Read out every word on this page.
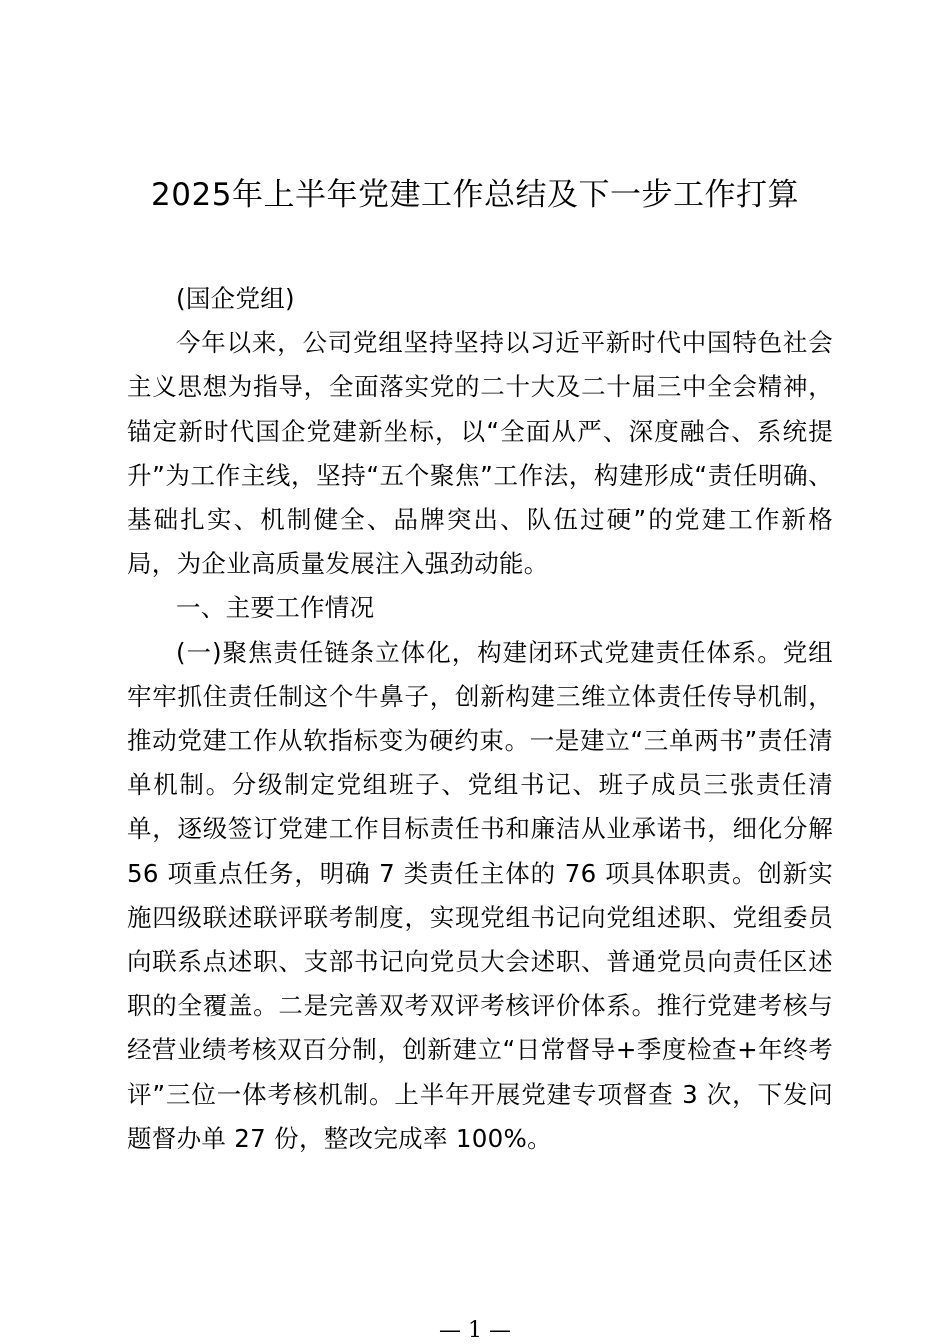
2025年上半年党建工作总结及下一步工作打算

(国企党组)

今年以来，公司党组坚持坚持以习近平新时代中国特色社会主义思想为指导，全面落实党的二十大及二十届三中全会精神，锚定新时代国企党建新坐标，以“全面从严、深度融合、系统提升”为工作主线，坚持“五个聚焦”工作法，构建形成“责任明确、基础扎实、机制健全、品牌突出、队伍过硬”的党建工作新格局，为企业高质量发展注入强劲动能。

一、主要工作情况

(一)聚焦责任链条立体化，构建闭环式党建责任体系。党组牢牢抓住责任制这个牛鼻子，创新构建三维立体责任传导机制，推动党建工作从软指标变为硬约束。一是建立“三单两书”责任清单机制。分级制定党组班子、党组书记、班子成员三张责任清单，逐级签订党建工作目标责任书和廉洁从业承诺书，细化分解 56 项重点任务，明确 7 类责任主体的 76 项具体职责。创新实施四级联述联评联考制度，实现党组书记向党组述职、党组委员向联系点述职、支部书记向党员大会述职、普通党员向责任区述职的全覆盖。二是完善双考双评考核评价体系。推行党建考核与经营业绩考核双百分制，创新建立“日常督导+季度检查+年终考评”三位一体考核机制。上半年开展党建专项督查 3 次，下发问题督办单 27 份，整改完成率 100%。

— 1 —
